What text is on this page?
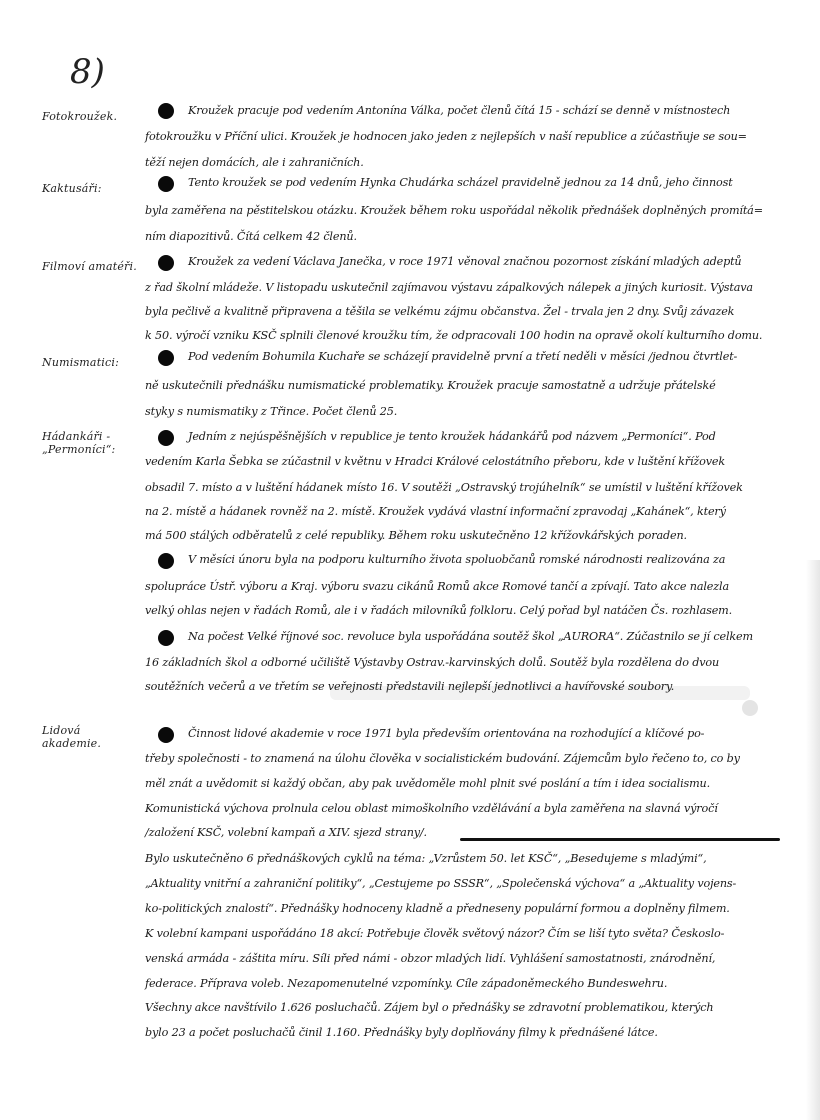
8)
Fotokroužek.	Kroužek pracuje pod vedením Antonína Válka, počet členů čítá 15 - schází se denně v místnostech
fotokroužku v Příční ulici. Kroužek je hodnocen jako jeden z nejlepších v naší republice a zúčastňuje se sou=
těží nejen domácích, ale i zahraničních.
Kaktusáři:	Tento kroužek se pod vedením Hynka Chudárka scházel pravidelně jednou za 14 dnů, jeho činnost
byla zaměřena na pěstitelskou otázku. Kroužek během roku uspořádal několik přednášek doplněných promítá=
ním diapozitivů. Čítá celkem 42 členů.
Filmoví amatéři.	Kroužek za vedení Václava Janečka, v roce 1971 věnoval značnou pozornost získání mladých adeptů
z řad školní mládeže. V listopadu uskutečnil zajímavou výstavu zápalkových nálepek a jiných kuriosit. Výstava
byla pečlivě a kvalitně připravena a těšila se velkému zájmu občanstva. Žel - trvala jen 2 dny. Svůj závazek
k 50. výročí vzniku KSČ splnili členové kroužku tím, že odpracovali 100 hodin na opravě okolí kulturního domu.
Numismatici:	Pod vedením Bohumila Kuchaře se scházejí pravidelně první a třetí neděli v měsíci /jednou čtvrtlet-
ně uskutečnili přednášku numismatické problematiky. Kroužek pracuje samostatně a udržuje přátelské
styky s numismatiky z Třince. Počet členů 25.
Hádankáři - „Permoníci“:
Jedním z nejúspěšnějších v republice je tento kroužek hádankářů pod názvem „Permoníci“. Pod
vedením Karla Šebka se zúčastnil v květnu v Hradci Králové celostátního přeboru, kde v luštění křížovek
obsadil 7. místo a v luštění hádanek místo 16. V soutěži „Ostravský trojúhelník“ se umístil v luštění křížovek
na 2. místě a hádanek rovněž na 2. místě. Kroužek vydává vlastní informační zpravodaj „Kahánek“, který
má 500 stálých odběratelů z celé republiky. Během roku uskutečněno 12 křížovkářských poraden.
V měsíci únoru byla na podporu kulturního života spoluobčanů romské národnosti realizována za
spolupráce Ústř. výboru a Kraj. výboru svazu cikánů Romů akce Romové tančí a zpívají. Tato akce nalezla
velký ohlas nejen v řadách Romů, ale i v řadách milovníků folkloru. Celý pořad byl natáčen Čs. rozhlasem.
Na počest Velké říjnové soc. revoluce byla uspořádána soutěž škol „AURORA“. Zúčastnilo se jí celkem
16 základních škol a odborné učiliště Výstavby Ostrav.-karvinských dolů. Soutěž byla rozdělena do dvou
soutěžních večerů a ve třetím se veřejnosti představili nejlepší jednotlivci a havířovské soubory.
Lidová akademie.
Činnost lidové akademie v roce 1971 byla především orientována na rozhodující a klíčové po-
třeby společnosti - to znamená na úlohu člověka v socialistickém budování. Zájemcům bylo řečeno to, co by
měl znát a uvědomit si každý občan, aby pak uvědoměle mohl plnit své poslání a tím i idea socialismu.
Komunistická výchova prolnula celou oblast mimoškolního vzdělávání a byla zaměřena na slavná výročí
/založení KSČ, volební kampaň a XIV. sjezd strany/.
Bylo uskutečněno 6 přednáškových cyklů na téma: „Vzrůstem 50. let KSČ“, „Besedujeme s mladými“,
„Aktuality vnitřní a zahraniční politiky“, „Cestujeme po SSSR“, „Společenská výchova“ a „Aktuality vojens-
ko-politických znalostí“. Přednášky hodnoceny kladně a předneseny populární formou a doplněny filmem.
K volební kampani uspořádáno 18 akcí: Potřebuje člověk světový názor? Čím se liší tyto světa? Českoslo-
venská armáda - záštita míru. Síli před námi - obzor mladých lidí. Vyhlášení samostatnosti, znárodnění,
federace. Příprava voleb. Nezapomenutelné vzpomínky. Cíle západoněmeckého Bundeswehru.
Všechny akce navštívilo 1.626 posluchačů. Zájem byl o přednášky se zdravotní problematikou, kterých
bylo 23 a počet posluchačů činil 1.160. Přednášky byly doplňovány filmy k přednášené látce.
